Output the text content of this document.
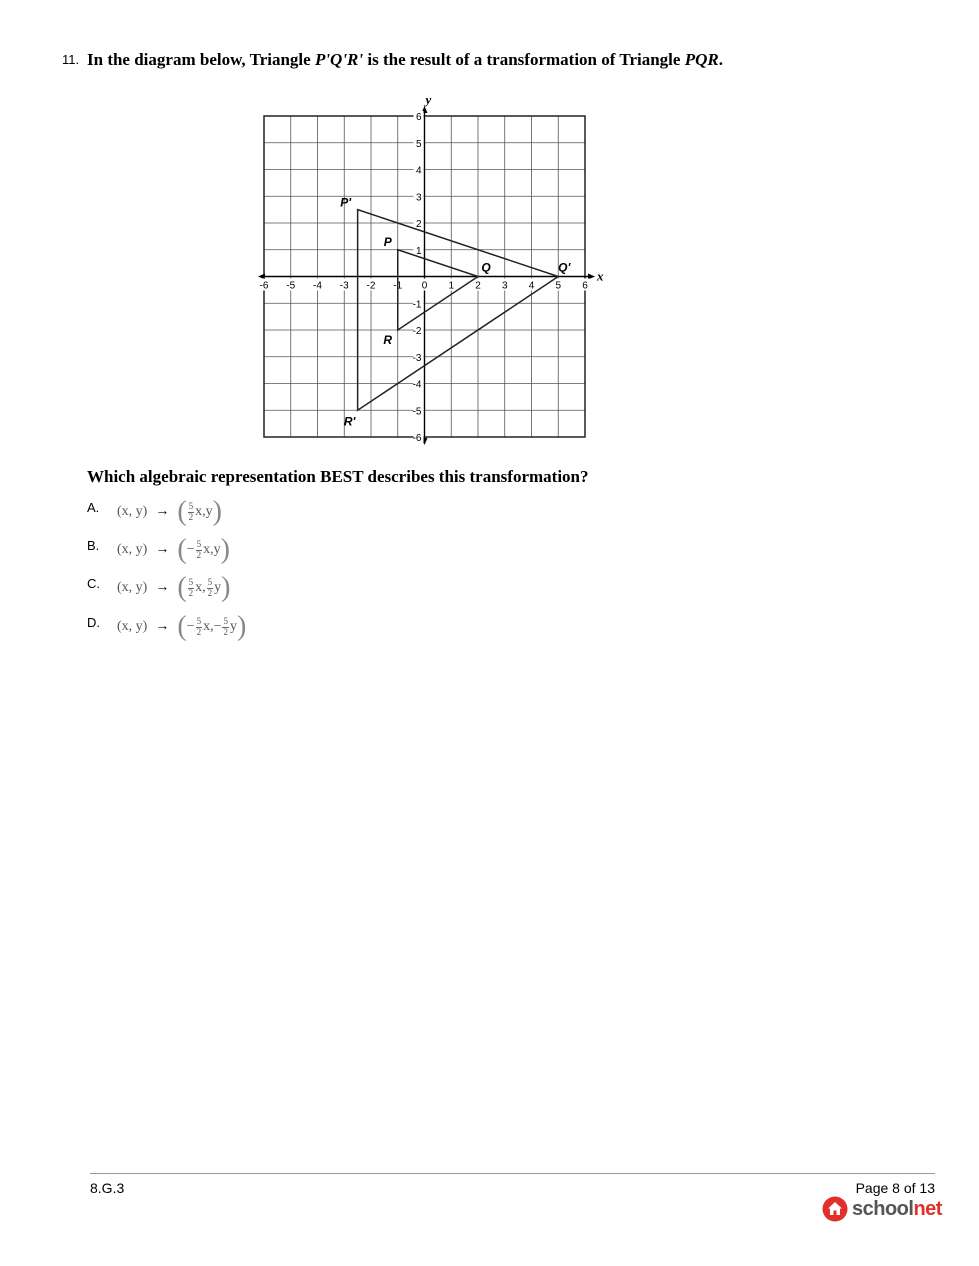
11. In the diagram below, Triangle P'Q'R' is the result of a transformation of Triangle PQR.
x
y
-6 -5 -4 -3 -2 -1 0 1 2 3 4 5 6
-6
-5
-4
-3
-2
-1
1
2
3
4
5
6
P
Q
R
P'
Q'
R'
Which algebraic representation BEST describes this transformation?
A. (x, y) → ( $\frac{5}{2} x$, y )
B. (x, y) → ( − $\frac{5}{2} x$, y )
C. (x, y) → ( $\frac{5}{2} x$, $\frac{5}{2}$ y )
D. (x, y) → ( − $\frac{5}{2} x$, − $\frac{5}{2}$ y )
8.G.3	Page 8 of 13
schoolnet
